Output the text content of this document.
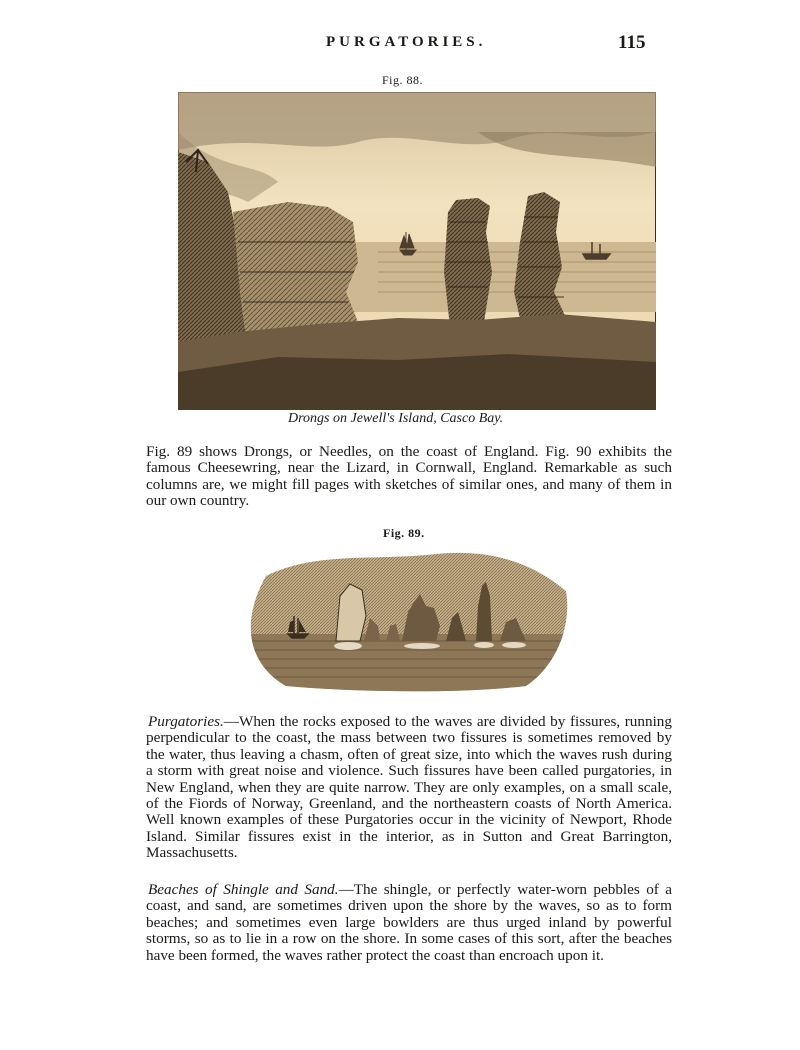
PURGATORIES.	115
Fig. 88.
Drongs on Jewell's Island, Casco Bay.

Fig. 89 shows Drongs, or Needles, on the coast of England. Fig. 90 exhibits the famous Cheesewring, near the Lizard, in Cornwall, England. Remarkable as such columns are, we might fill pages with sketches of similar ones, and many of them in our own country.

Fig. 89.

Purgatories.—When the rocks exposed to the waves are divided by fissures, running perpendicular to the coast, the mass between two fissures is sometimes removed by the water, thus leaving a chasm, often of great size, into which the waves rush during a storm with great noise and violence. Such fissures have been called purgatories, in New England, when they are quite narrow. They are only examples, on a small scale, of the Fiords of Norway, Greenland, and the northeastern coasts of North America. Well known examples of these Purgatories occur in the vicinity of Newport, Rhode Island. Similar fissures exist in the interior, as in Sutton and Great Barrington, Massachusetts.

Beaches of Shingle and Sand.—The shingle, or perfectly water-worn pebbles of a coast, and sand, are sometimes driven upon the shore by the waves, so as to form beaches; and sometimes even large bowlders are thus urged inland by powerful storms, so as to lie in a row on the shore. In some cases of this sort, after the beaches have been formed, the waves rather protect the coast than encroach upon it.
